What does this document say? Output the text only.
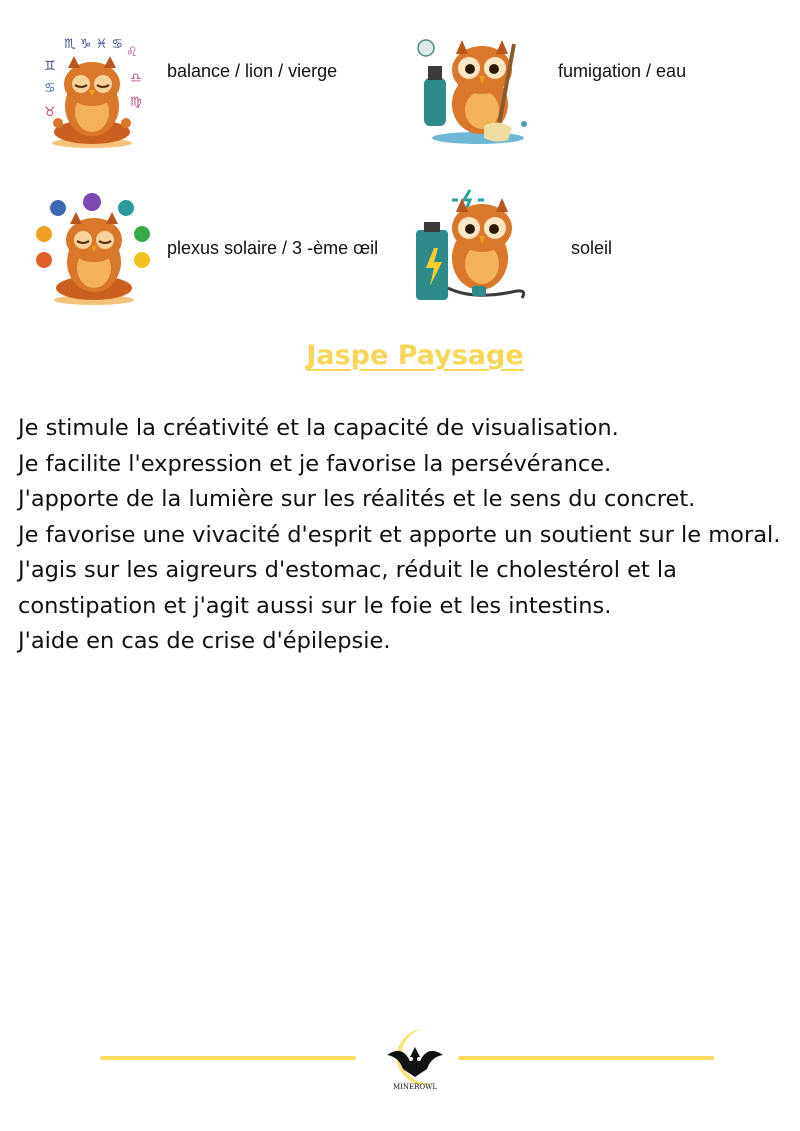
♏ ♑ ♓ ♋
♊
♋
♉
♌
♎
♍
balance / lion / vierge	fumigation / eau
plexus solaire / 3 -ème œil	soleil
Jaspe Paysage

Je stimule la créativité et la capacité de visualisation.

Je facilite l'expression et je favorise la persévérance.

J'apporte de la lumière sur les réalités et le sens du concret.

Je favorise une vivacité d'esprit et apporte un soutient sur le moral.

J'agis sur les aigreurs d'estomac, réduit le cholestérol et la constipation et j'agit aussi sur le foie et les intestins.

J'aide en cas de crise d'épilepsie.

MINEROWL
